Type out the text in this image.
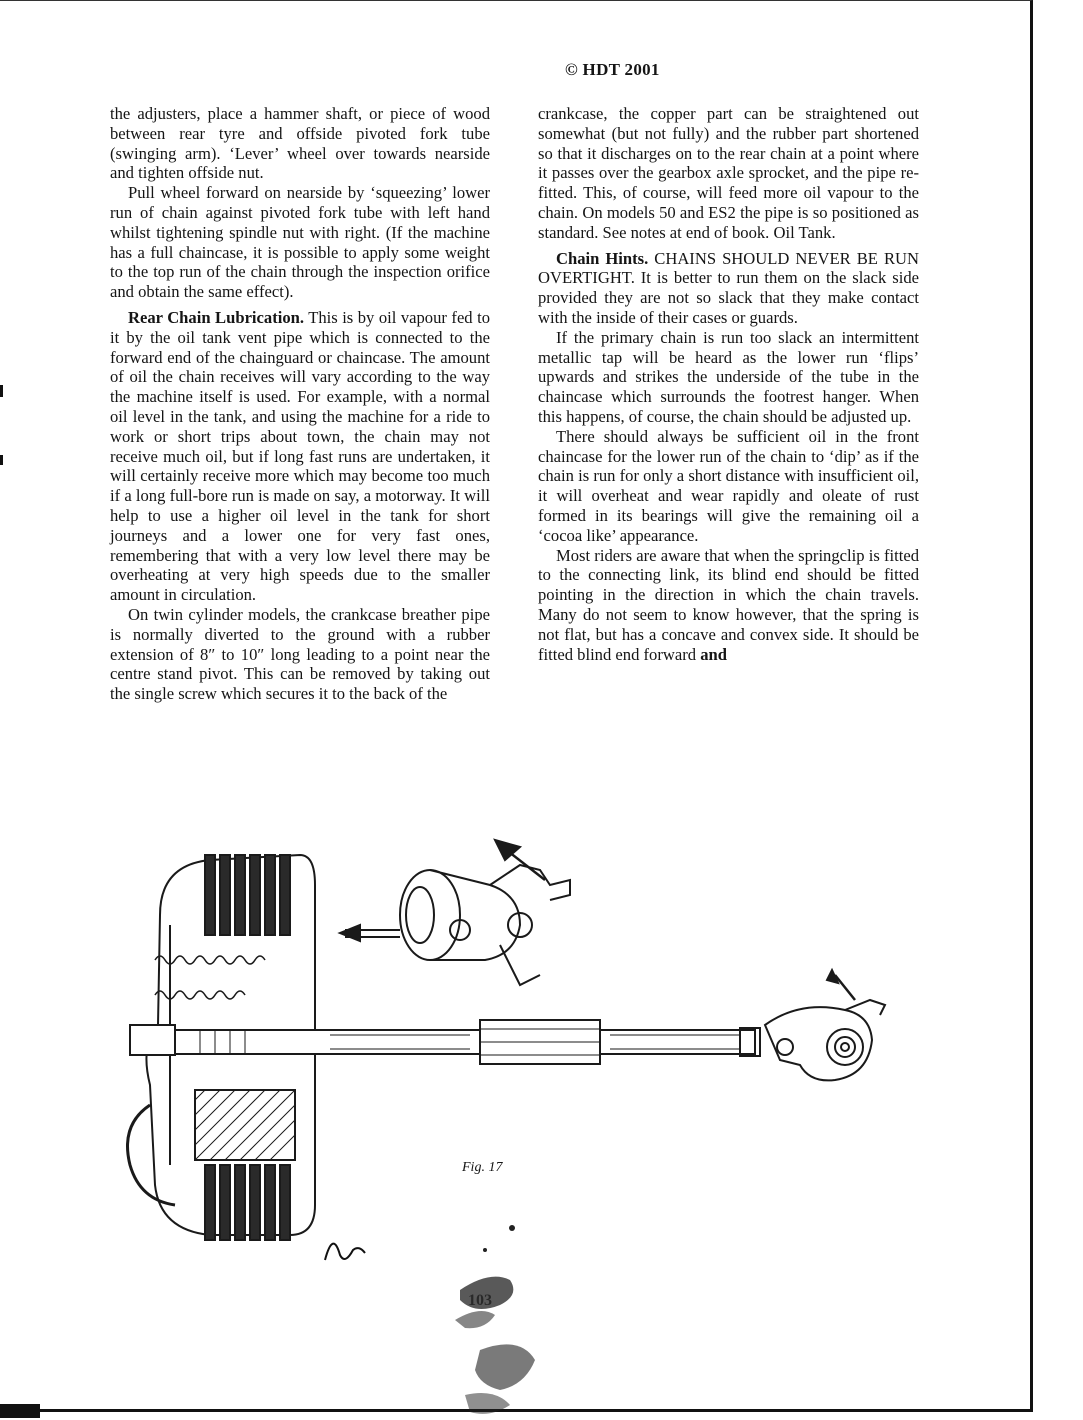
© HDT 2001

the adjusters, place a hammer shaft, or piece of wood between rear tyre and offside pivoted fork tube (swinging arm). ‘Lever’ wheel over towards nearside and tighten offside nut.

Pull wheel forward on nearside by ‘squeezing’ lower run of chain against pivoted fork tube with left hand whilst tightening spindle nut with right. (If the machine has a full chaincase, it is possible to apply some weight to the top run of the chain through the inspection orifice and obtain the same effect).

Rear Chain Lubrication. This is by oil vapour fed to it by the oil tank vent pipe which is connected to the forward end of the chainguard or chaincase. The amount of oil the chain receives will vary according to the way the machine itself is used. For example, with a normal oil level in the tank, and using the machine for a ride to work or short trips about town, the chain may not receive much oil, but if long fast runs are undertaken, it will certainly receive more which may become too much if a long full-bore run is made on say, a motorway. It will help to use a higher oil level in the tank for short journeys and a lower one for very fast ones, remembering that with a very low level there may be overheating at very high speeds due to the smaller amount in circulation.

On twin cylinder models, the crankcase breather pipe is normally diverted to the ground with a rubber extension of 8″ to 10″ long leading to a point near the centre stand pivot. This can be removed by taking out the single screw which secures it to the back of the

crankcase, the copper part can be straightened out somewhat (but not fully) and the rubber part shortened so that it discharges on to the rear chain at a point where it passes over the gearbox axle sprocket, and the pipe re-fitted. This, of course, will feed more oil vapour to the chain. On models 50 and ES2 the pipe is so positioned as standard. See notes at end of book. Oil Tank.

Chain Hints. CHAINS SHOULD NEVER BE RUN OVERTIGHT. It is better to run them on the slack side provided they are not so slack that they make contact with the inside of their cases or guards.

If the primary chain is run too slack an intermittent metallic tap will be heard as the lower run ‘flips’ upwards and strikes the underside of the tube in the chaincase which surrounds the footrest hanger. When this happens, of course, the chain should be adjusted up.

There should always be sufficient oil in the front chaincase for the lower run of the chain to ‘dip’ as if the chain is run for only a short distance with insufficient oil, it will overheat and wear rapidly and oleate of rust formed in its bearings will give the remaining oil a ‘cocoa like’ appearance.

Most riders are aware that when the springclip is fitted to the connecting link, its blind end should be fitted pointing in the direction in which the chain travels. Many do not seem to know however, that the spring is not flat, but has a concave and convex side. It should be fitted blind end forward and

Fig. 17
103
